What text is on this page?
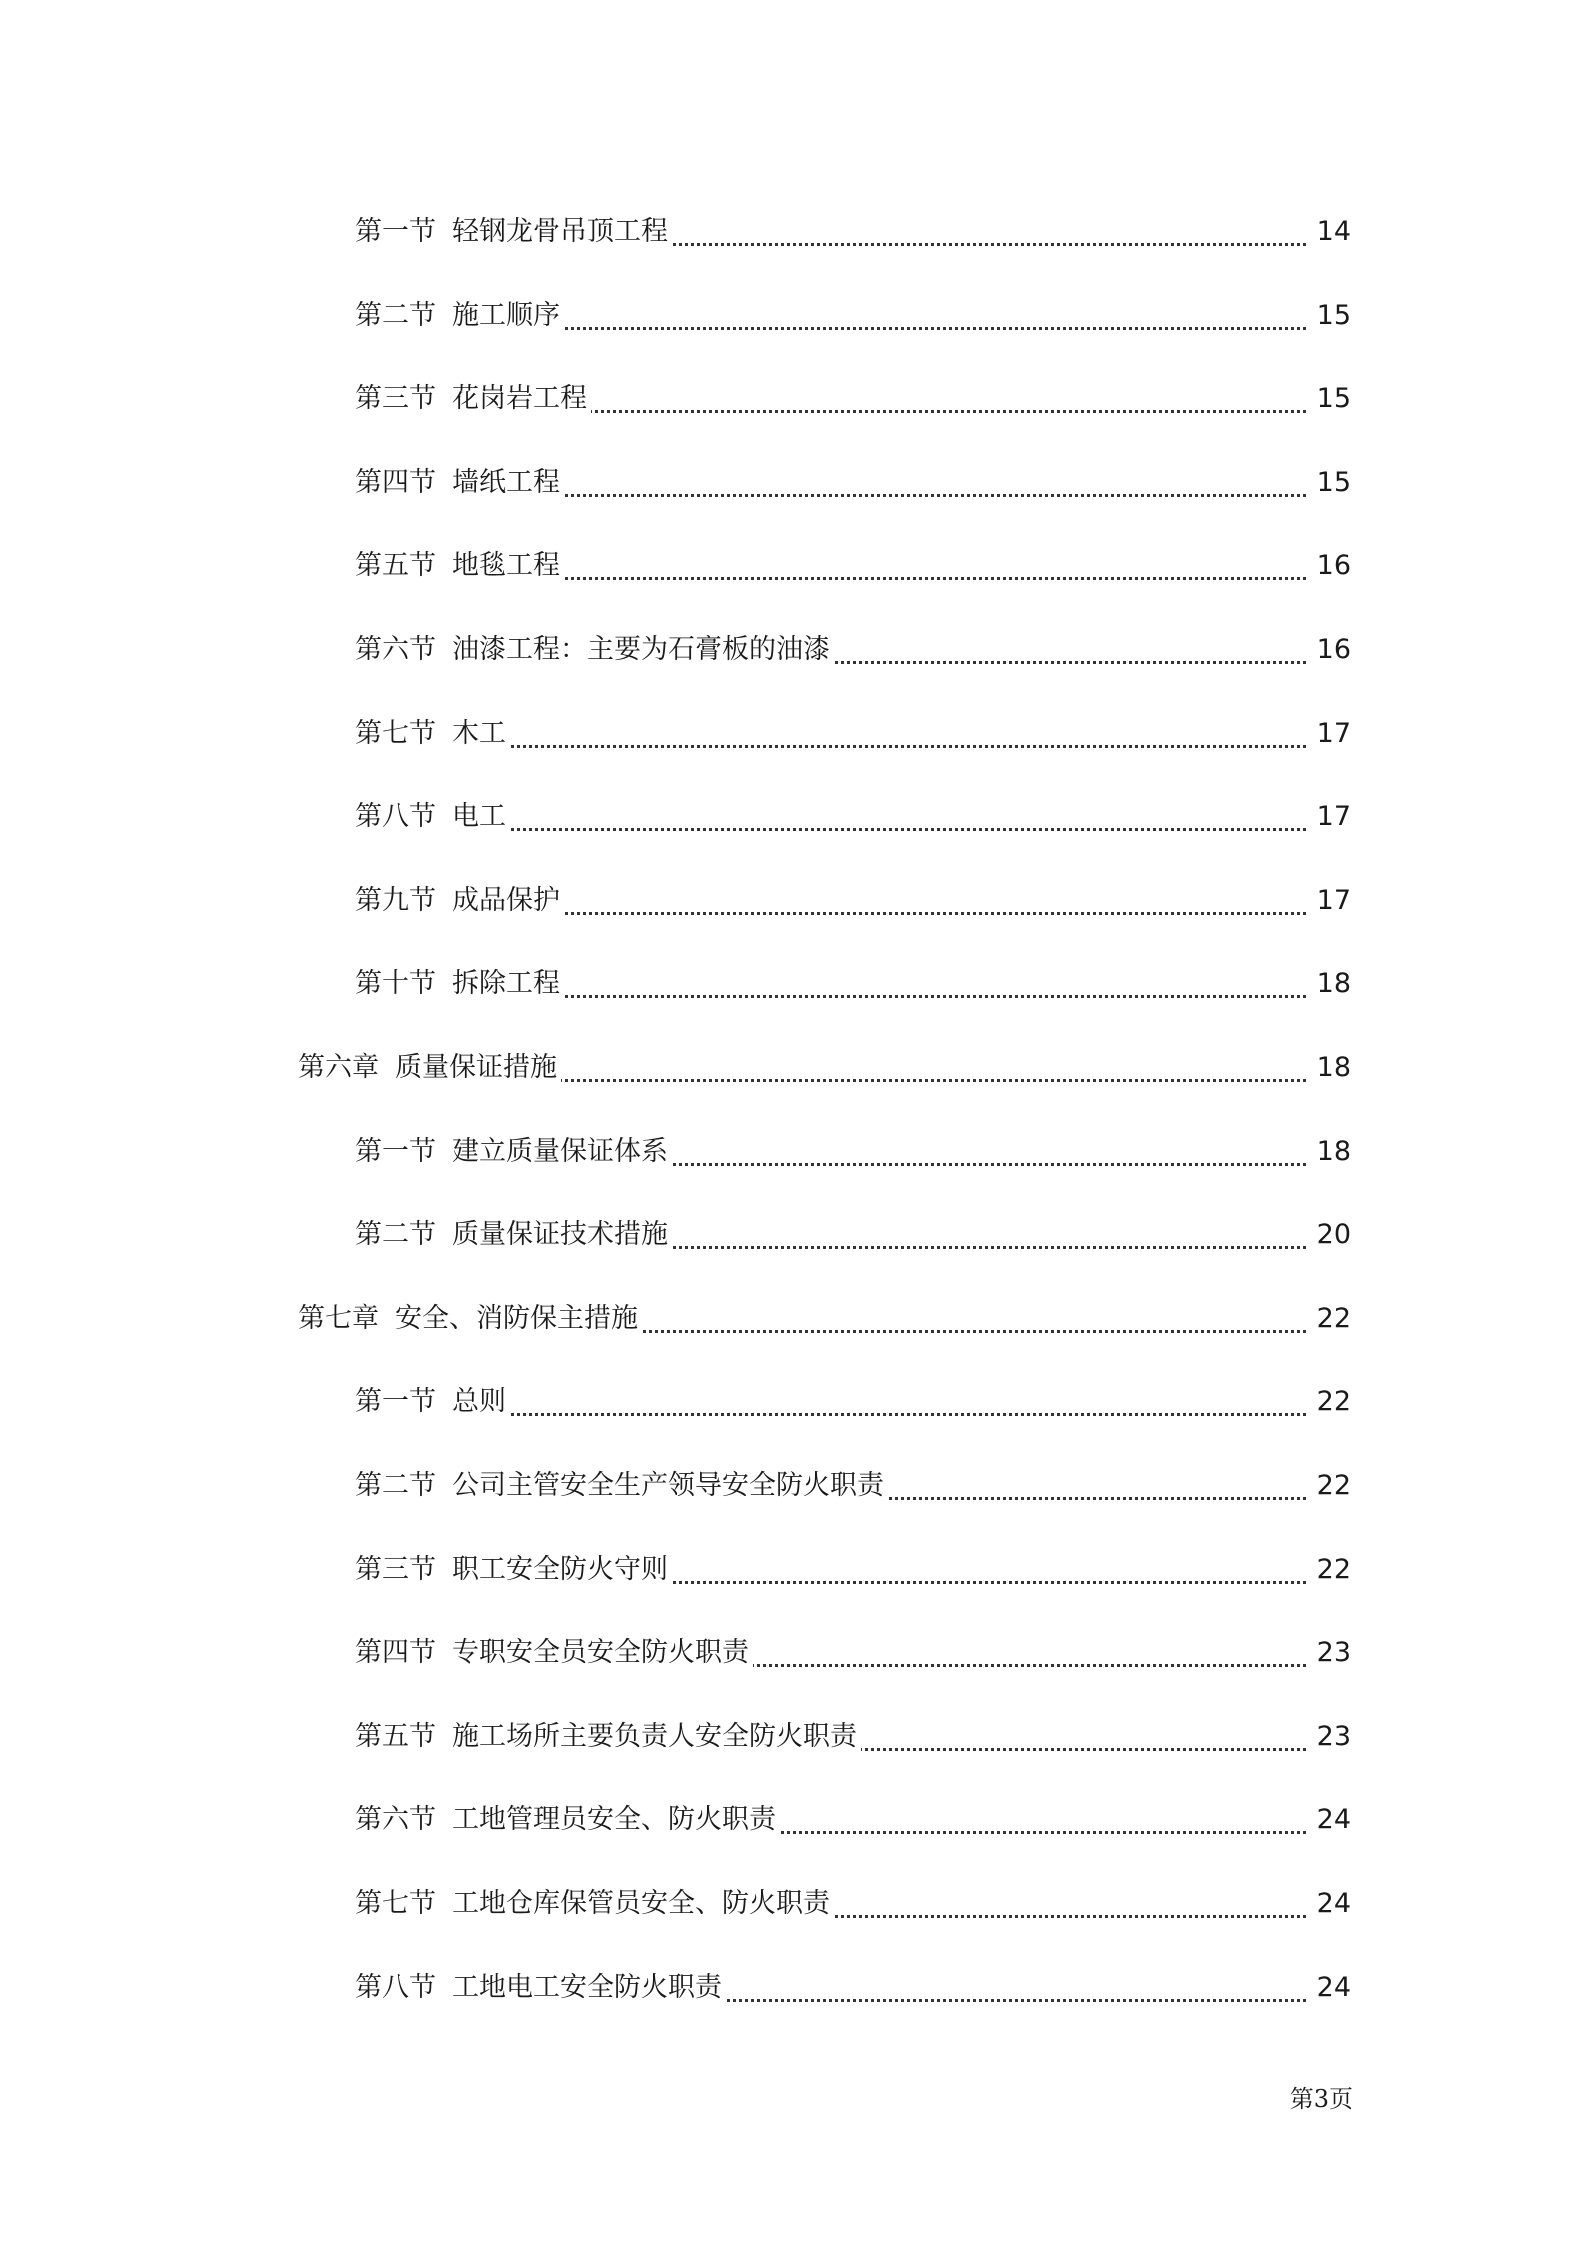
第一节 轻钢龙骨吊顶工程	14
第二节 施工顺序	15
第三节 花岗岩工程	15
第四节 墙纸工程	15
第五节 地毯工程	16
第六节 油漆工程：主要为石膏板的油漆	16
第七节 木工	17
第八节 电工	17
第九节 成品保护	17
第十节 拆除工程	18
第六章 质量保证措施	18
第一节 建立质量保证体系	18
第二节 质量保证技术措施	20
第七章 安全、消防保主措施	22
第一节 总则	22
第二节 公司主管安全生产领导安全防火职责	22
第三节 职工安全防火守则	22
第四节 专职安全员安全防火职责	23
第五节 施工场所主要负责人安全防火职责	23
第六节 工地管理员安全、防火职责	24
第七节 工地仓库保管员安全、防火职责	24
第八节 工地电工安全防火职责	24
第3页
